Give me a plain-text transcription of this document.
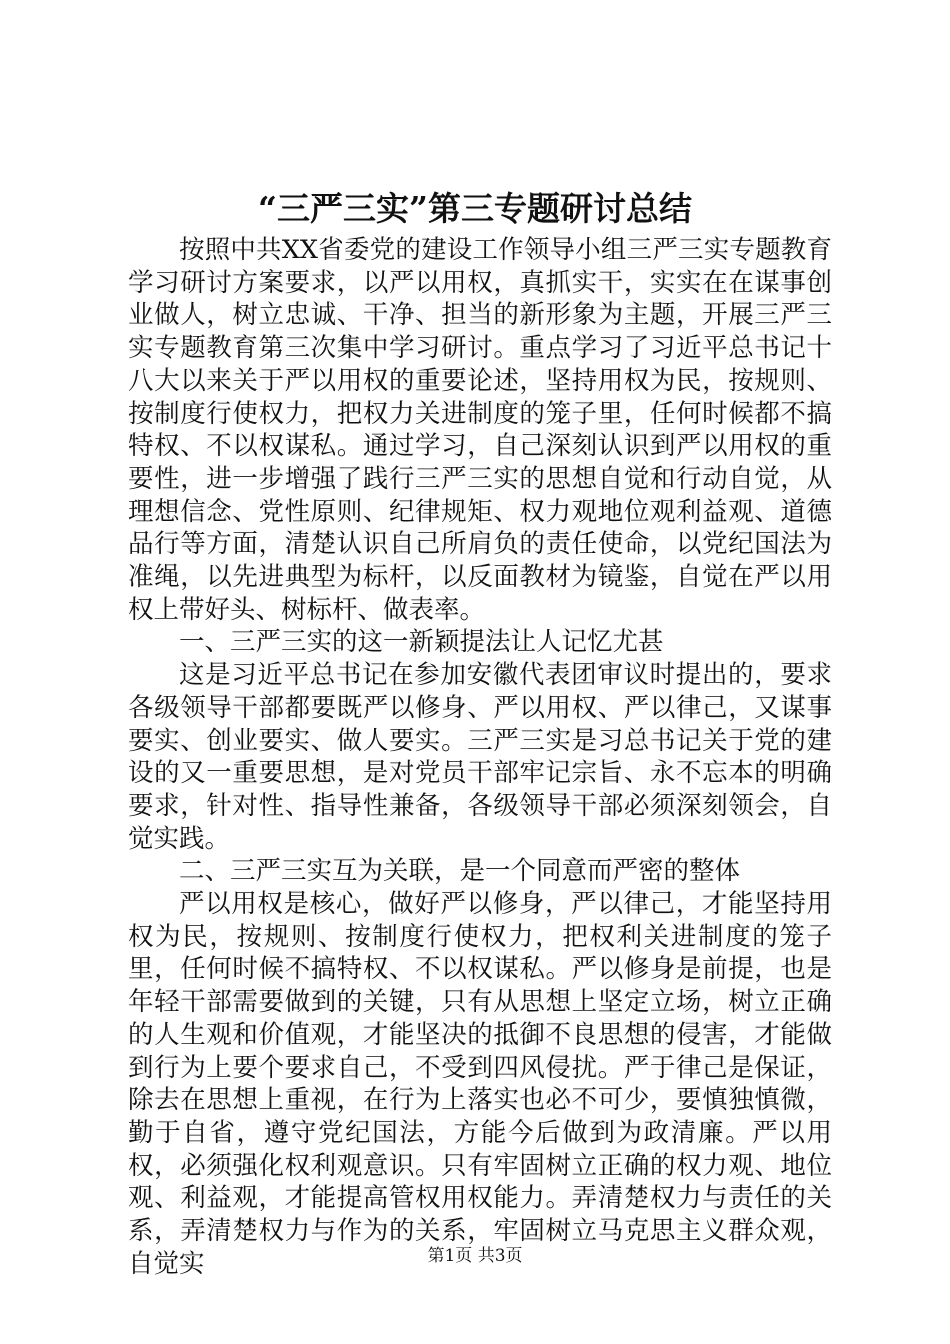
“三严三实”第三专题研讨总结

按照中共XX省委党的建设工作领导小组三严三实专题教育学习研讨方案要求，以严以用权，真抓实干，实实在在谋事创业做人，树立忠诚、干净、担当的新形象为主题，开展三严三实专题教育第三次集中学习研讨。重点学习了习近平总书记十八大以来关于严以用权的重要论述，坚持用权为民，按规则、按制度行使权力，把权力关进制度的笼子里，任何时候都不搞特权、不以权谋私。通过学习，自己深刻认识到严以用权的重要性，进一步增强了践行三严三实的思想自觉和行动自觉，从理想信念、党性原则、纪律规矩、权力观地位观利益观、道德品行等方面，清楚认识自己所肩负的责任使命，以党纪国法为准绳，以先进典型为标杆，以反面教材为镜鉴，自觉在严以用权上带好头、树标杆、做表率。

一、三严三实的这一新颖提法让人记忆尤甚

这是习近平总书记在参加安徽代表团审议时提出的，要求各级领导干部都要既严以修身、严以用权、严以律己，又谋事要实、创业要实、做人要实。三严三实是习总书记关于党的建设的又一重要思想，是对党员干部牢记宗旨、永不忘本的明确要求，针对性、指导性兼备，各级领导干部必须深刻领会，自觉实践。

二、三严三实互为关联，是一个同意而严密的整体

严以用权是核心，做好严以修身，严以律己，才能坚持用权为民，按规则、按制度行使权力，把权利关进制度的笼子里，任何时候不搞特权、不以权谋私。严以修身是前提，也是年轻干部需要做到的关键，只有从思想上坚定立场，树立正确的人生观和价值观，才能坚决的抵御不良思想的侵害，才能做到行为上要个要求自己，不受到四风侵扰。严于律己是保证，除去在思想上重视，在行为上落实也必不可少，要慎独慎微，勤于自省，遵守党纪国法，方能今后做到为政清廉。严以用权，必须强化权利观意识。只有牢固树立正确的权力观、地位观、利益观，才能提高管权用权能力。弄清楚权力与责任的关系，弄清楚权力与作为的关系，牢固树立马克思主义群众观，自觉实	第1页 共3页
